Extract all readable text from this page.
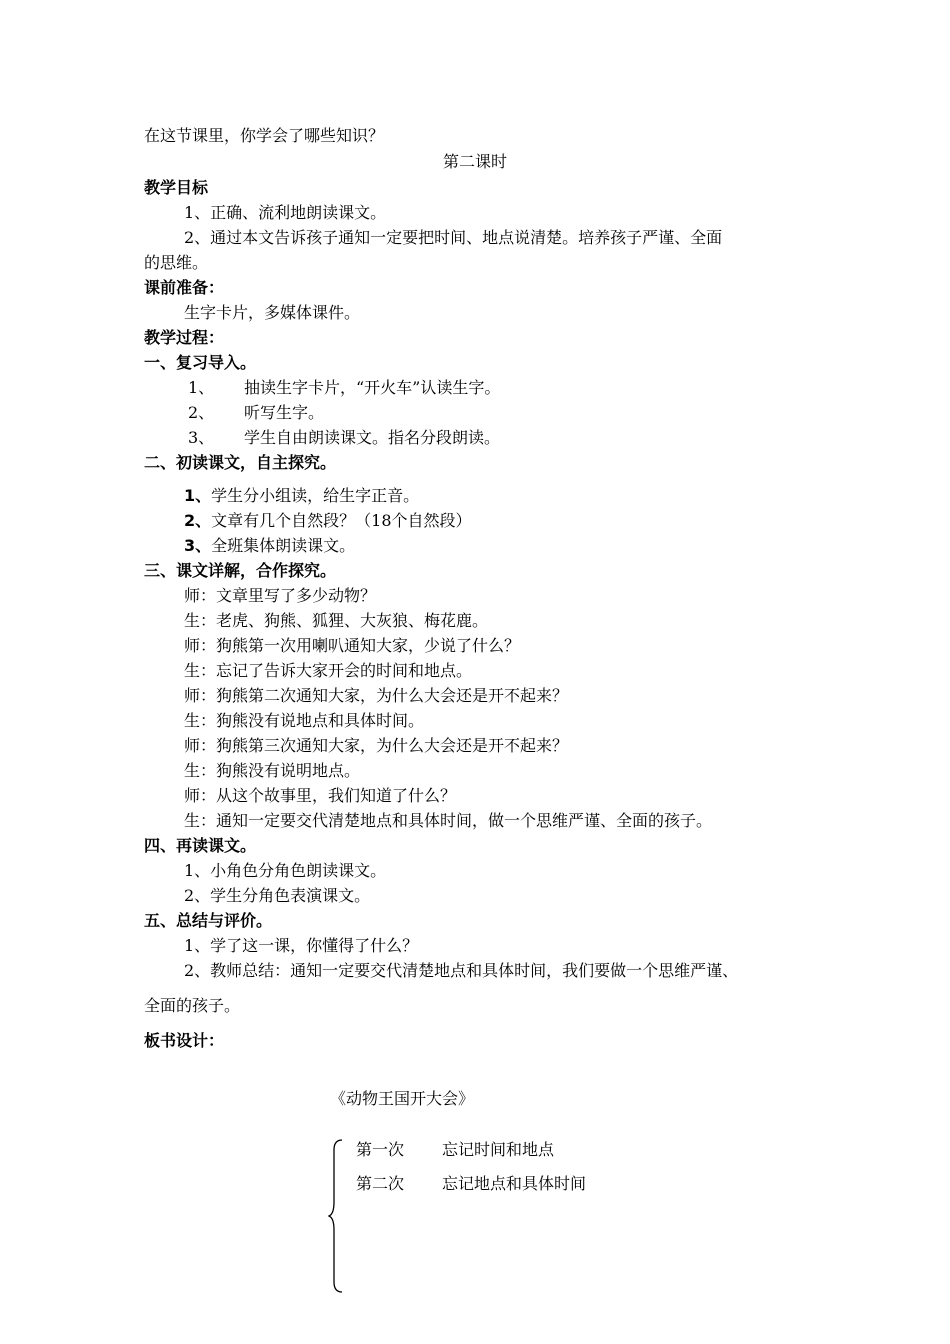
在这节课里，你学会了哪些知识？
第二课时
教学目标
1、正确、流利地朗读课文。
2、通过本文告诉孩子通知一定要把时间、地点说清楚。培养孩子严谨、全面
的思维。
课前准备：
生字卡片，多媒体课件。
教学过程：
一、复习导入。
1、 抽读生字卡片，“开火车”认读生字。
2、 听写生字。
3、 学生自由朗读课文。指名分段朗读。
二、初读课文，自主探究。
1、学生分小组读，给生字正音。
2、文章有几个自然段？（18个自然段）
3、全班集体朗读课文。
三、课文详解，合作探究。
师：文章里写了多少动物？
生：老虎、狗熊、狐狸、大灰狼、梅花鹿。
师：狗熊第一次用喇叭通知大家，少说了什么？
生：忘记了告诉大家开会的时间和地点。
师：狗熊第二次通知大家，为什么大会还是开不起来？
生：狗熊没有说地点和具体时间。
师：狗熊第三次通知大家，为什么大会还是开不起来？
生：狗熊没有说明地点。
师：从这个故事里，我们知道了什么？
生：通知一定要交代清楚地点和具体时间，做一个思维严谨、全面的孩子。
四、再读课文。
1、小角色分角色朗读课文。
2、学生分角色表演课文。
五、总结与评价。
1、学了这一课，你懂得了什么？
2、教师总结：通知一定要交代清楚地点和具体时间，我们要做一个思维严谨、
全面的孩子。
板书设计：
《动物王国开大会》
第一次 忘记时间和地点
第二次 忘记地点和具体时间
